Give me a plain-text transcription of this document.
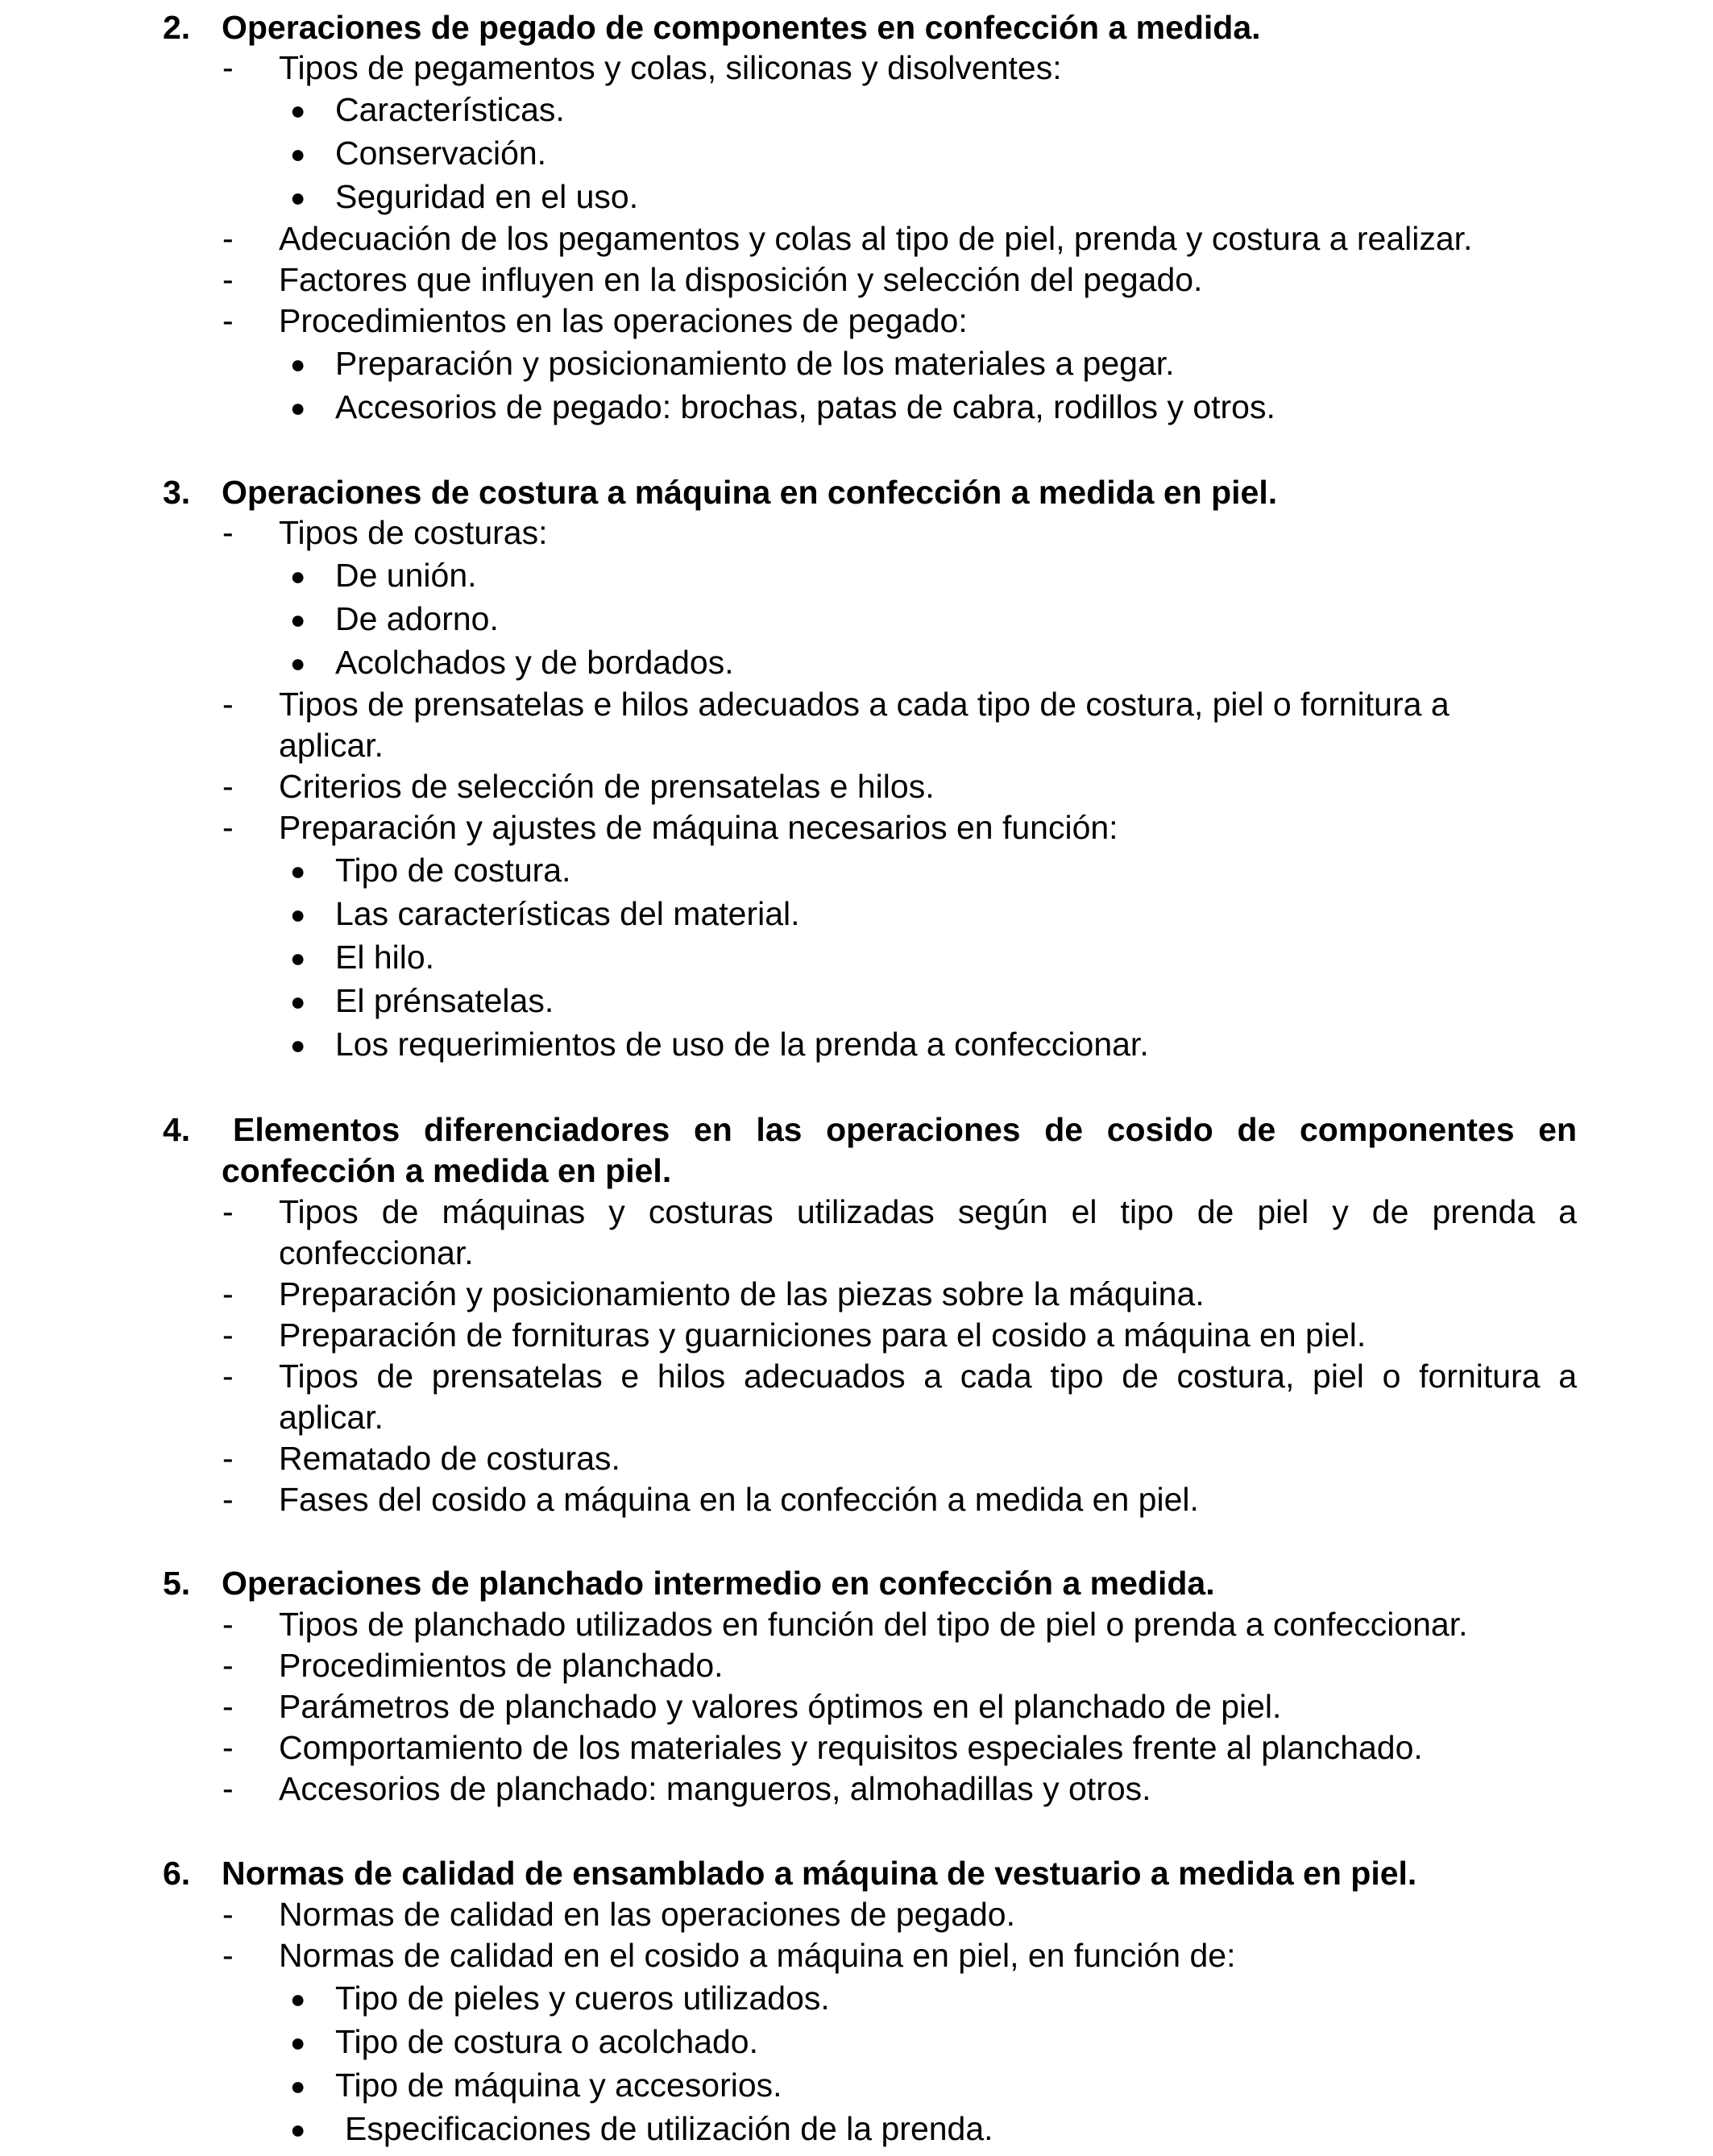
2. Operaciones de pegado de componentes en confección a medida.
- Tipos de pegamentos y colas, siliconas y disolventes:
● Características.
● Conservación.
● Seguridad en el uso.
- Adecuación de los pegamentos y colas al tipo de piel, prenda y costura a realizar.
- Factores que influyen en la disposición y selección del pegado.
- Procedimientos en las operaciones de pegado:
● Preparación y posicionamiento de los materiales a pegar.
● Accesorios de pegado: brochas, patas de cabra, rodillos y otros.
3. Operaciones de costura a máquina en confección a medida en piel.
- Tipos de costuras:
● De unión.
● De adorno.
● Acolchados y de bordados.
- Tipos de prensatelas e hilos adecuados a cada tipo de costura, piel o fornitura a
aplicar.
- Criterios de selección de prensatelas e hilos.
- Preparación y ajustes de máquina necesarios en función:
● Tipo de costura.
● Las características del material.
● El hilo.
● El prénsatelas.
● Los requerimientos de uso de la prenda a confeccionar.
4. Elementos diferenciadores en las operaciones de cosido de componentes en
confección a medida en piel.
- Tipos de máquinas y costuras utilizadas según el tipo de piel y de prenda a
confeccionar.
- Preparación y posicionamiento de las piezas sobre la máquina.
- Preparación de fornituras y guarniciones para el cosido a máquina en piel.
- Tipos de prensatelas e hilos adecuados a cada tipo de costura, piel o fornitura a
aplicar.
- Rematado de costuras.
- Fases del cosido a máquina en la confección a medida en piel.
5. Operaciones de planchado intermedio en confección a medida.
- Tipos de planchado utilizados en función del tipo de piel o prenda a confeccionar.
- Procedimientos de planchado.
- Parámetros de planchado y valores óptimos en el planchado de piel.
- Comportamiento de los materiales y requisitos especiales frente al planchado.
- Accesorios de planchado: mangueros, almohadillas y otros.
6. Normas de calidad de ensamblado a máquina de vestuario a medida en piel.
- Normas de calidad en las operaciones de pegado.
- Normas de calidad en el cosido a máquina en piel, en función de:
● Tipo de pieles y cueros utilizados.
● Tipo de costura o acolchado.
● Tipo de máquina y accesorios.
● Especificaciones de utilización de la prenda.
